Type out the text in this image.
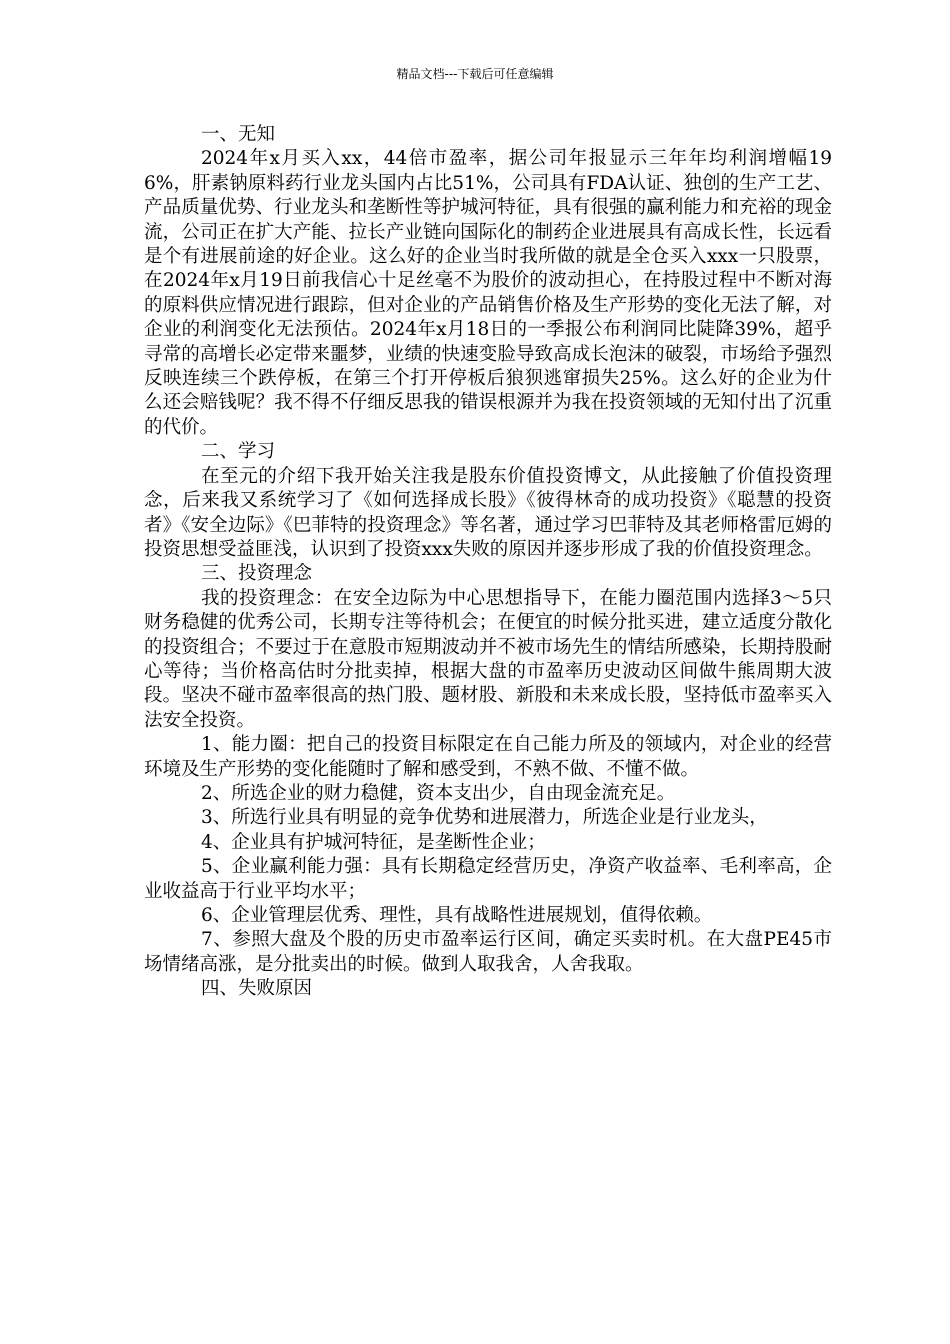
精品文档---下载后可任意编辑

一、无知

2024年x月买入xx，44倍市盈率，据公司年报显示三年年均利润增幅196%，肝素钠原料药行业龙头国内占比51%，公司具有FDA认证、独创的生产工艺、产品质量优势、行业龙头和垄断性等护城河特征，具有很强的赢利能力和充裕的现金流，公司正在扩大产能、拉长产业链向国际化的制药企业进展具有高成长性，长远看是个有进展前途的好企业。这么好的企业当时我所做的就是全仓买入xxx一只股票，在2024年x月19日前我信心十足丝毫不为股价的波动担心，在持股过程中不断对海的原料供应情况进行跟踪，但对企业的产品销售价格及生产形势的变化无法了解，对企业的利润变化无法预估。2024年x月18日的一季报公布利润同比陡降39%，超乎寻常的高增长必定带来噩梦，业绩的快速变脸导致高成长泡沫的破裂，市场给予强烈反映连续三个跌停板，在第三个打开停板后狼狈逃窜损失25%。这么好的企业为什么还会赔钱呢？我不得不仔细反思我的错误根源并为我在投资领域的无知付出了沉重的代价。

二、学习

在至元的介绍下我开始关注我是股东价值投资博文，从此接触了价值投资理念，后来我又系统学习了《如何选择成长股》《彼得林奇的成功投资》《聪慧的投资者》《安全边际》《巴菲特的投资理念》等名著，通过学习巴菲特及其老师格雷厄姆的投资思想受益匪浅，认识到了投资xxx失败的原因并逐步形成了我的价值投资理念。

三、投资理念

我的投资理念：在安全边际为中心思想指导下，在能力圈范围内选择3～5只财务稳健的优秀公司，长期专注等待机会；在便宜的时候分批买进，建立适度分散化的投资组合；不要过于在意股市短期波动并不被市场先生的情结所感染，长期持股耐心等待；当价格高估时分批卖掉，根据大盘的市盈率历史波动区间做牛熊周期大波段。坚决不碰市盈率很高的热门股、题材股、新股和未来成长股，坚持低市盈率买入法安全投资。

1、能力圈：把自己的投资目标限定在自己能力所及的领域内，对企业的经营环境及生产形势的变化能随时了解和感受到，不熟不做、不懂不做。

2、所选企业的财力稳健，资本支出少，自由现金流充足。

3、所选行业具有明显的竞争优势和进展潜力，所选企业是行业龙头，

4、企业具有护城河特征，是垄断性企业；

5、企业赢利能力强：具有长期稳定经营历史，净资产收益率、毛利率高，企业收益高于行业平均水平；

6、企业管理层优秀、理性，具有战略性进展规划，值得依赖。

7、参照大盘及个股的历史市盈率运行区间，确定买卖时机。在大盘PE45市场情绪高涨，是分批卖出的时候。做到人取我舍，人舍我取。

四、失败原因
